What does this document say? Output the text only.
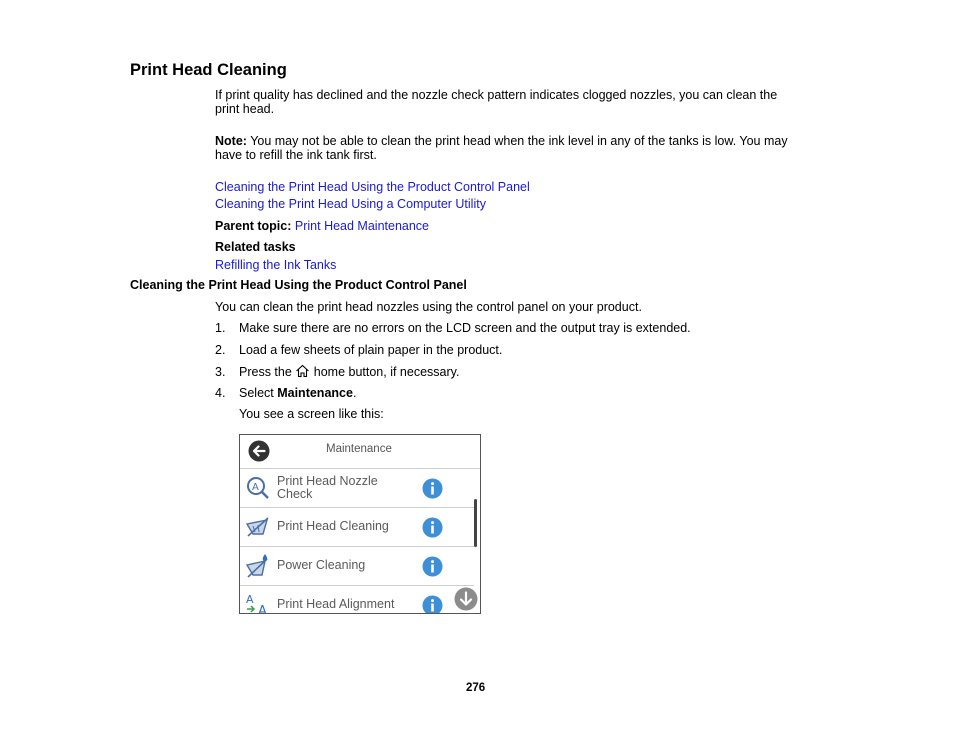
Print Head Cleaning
If print quality has declined and the nozzle check pattern indicates clogged nozzles, you can clean the
print head.
Note: You may not be able to clean the print head when the ink level in any of the tanks is low. You may
have to refill the ink tank first.
Cleaning the Print Head Using the Product Control Panel
Cleaning the Print Head Using a Computer Utility
Parent topic: Print Head Maintenance
Related tasks
Refilling the Ink Tanks
Cleaning the Print Head Using the Product Control Panel
You can clean the print head nozzles using the control panel on your product.
1. Make sure there are no errors on the LCD screen and the output tray is extended.
2. Load a few sheets of plain paper in the product.
3. Press the  home button, if necessary.
4. Select Maintenance.
You see a screen like this:
Maintenance
A Print Head Nozzle
Check
Print Head Cleaning
Power Cleaning
A
A Print Head Alignment
276
